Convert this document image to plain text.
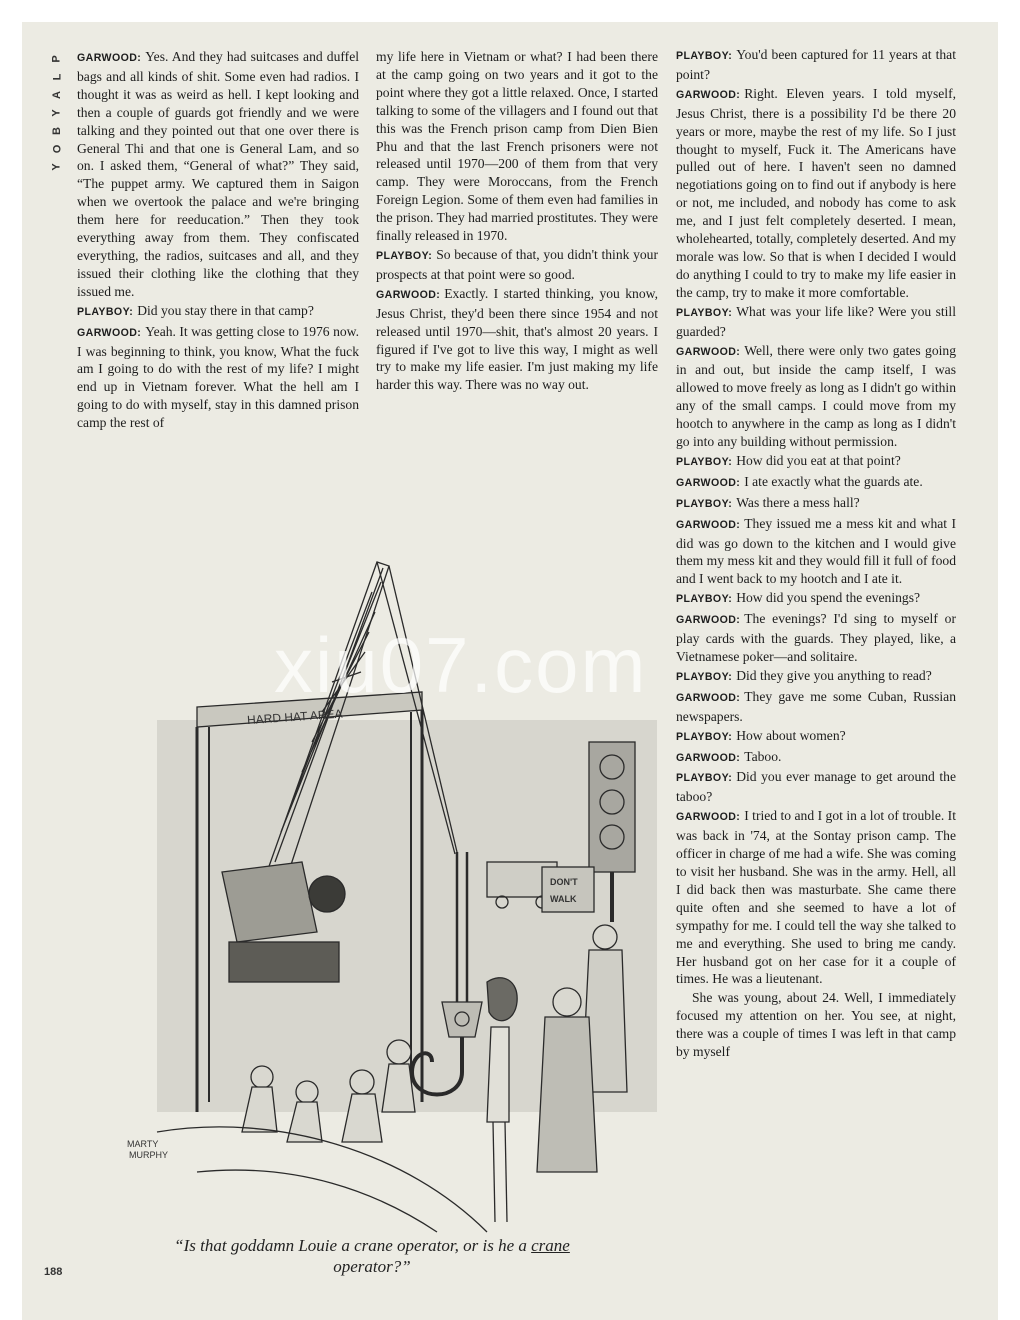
P
L
A
Y
B
O
Y

GARWOOD: Yes. And they had suitcases and duffel bags and all kinds of shit. Some even had radios. I thought it was as weird as hell. I kept looking and then a couple of guards got friendly and we were talking and they pointed out that one over there is General Thi and that one is General Lam, and so on. I asked them, “General of what?” They said, “The puppet army. We captured them in Saigon when we overtook the palace and we're bringing them here for reeducation.” Then they took everything away from them. They confiscated everything, the radios, suitcases and all, and they issued their clothing like the clothing that they issued me.

PLAYBOY: Did you stay there in that camp?

GARWOOD: Yeah. It was getting close to 1976 now. I was beginning to think, you know, What the fuck am I going to do with the rest of my life? I might end up in Vietnam forever. What the hell am I going to do with myself, stay in this damned prison camp the rest of

my life here in Vietnam or what? I had been there at the camp going on two years and it got to the point where they got a little relaxed. Once, I started talking to some of the villagers and I found out that this was the French prison camp from Dien Bien Phu and that the last French prisoners were not released until 1970—200 of them from that very camp. They were Moroccans, from the French Foreign Legion. Some of them even had families in the prison. They had married prostitutes. They were finally released in 1970.

PLAYBOY: So because of that, you didn't think your prospects at that point were so good.

GARWOOD: Exactly. I started thinking, you know, Jesus Christ, they'd been there since 1954 and not released until 1970—shit, that's almost 20 years. I figured if I've got to live this way, I might as well try to make my life easier. I'm just making my life harder this way. There was no way out.

PLAYBOY: You'd been captured for 11 years at that point?

GARWOOD: Right. Eleven years. I told myself, Jesus Christ, there is a possibility I'd be there 20 years or more, maybe the rest of my life. So I just thought to myself, Fuck it. The Americans have pulled out of here. I haven't seen no damned negotiations going on to find out if anybody is here or not, me included, and nobody has come to ask me, and I just felt completely deserted. I mean, wholehearted, totally, completely deserted. And my morale was low. So that is when I decided I would do anything I could to try to make my life easier in the camp, try to make it more comfortable.

PLAYBOY: What was your life like? Were you still guarded?

GARWOOD: Well, there were only two gates going in and out, but inside the camp itself, I was allowed to move freely as long as I didn't go within any of the small camps. I could move from my hootch to anywhere in the camp as long as I didn't go into any building without permission.

PLAYBOY: How did you eat at that point?

GARWOOD: I ate exactly what the guards ate.

PLAYBOY: Was there a mess hall?

GARWOOD: They issued me a mess kit and what I did was go down to the kitchen and I would give them my mess kit and they would fill it full of food and I went back to my hootch and I ate it.

PLAYBOY: How did you spend the evenings?

GARWOOD: The evenings? I'd sing to myself or play cards with the guards. They played, like, a Vietnamese poker—and solitaire.

PLAYBOY: Did they give you anything to read?

GARWOOD: They gave me some Cuban, Russian newspapers.

PLAYBOY: How about women?

GARWOOD: Taboo.

PLAYBOY: Did you ever manage to get around the taboo?

GARWOOD: I tried to and I got in a lot of trouble. It was back in '74, at the Sontay prison camp. The officer in charge of me had a wife. She was coming to visit her husband. She was in the army. Hell, all I did back then was masturbate. She came there quite often and she seemed to have a lot of sympathy for me. I could tell the way she talked to me and everything. She used to bring me candy. Her husband got on her case for it a couple of times. He was a lieutenant.

She was young, about 24. Well, I immediately focused my attention on her. You see, at night, there was a couple of times I was left in that camp by myself

HARD HAT AREA
DON'T
WALK
MARTY
MURPHY
“Is that goddamn Louie a crane operator, or is he a crane operator?”
188
xiu07.com
